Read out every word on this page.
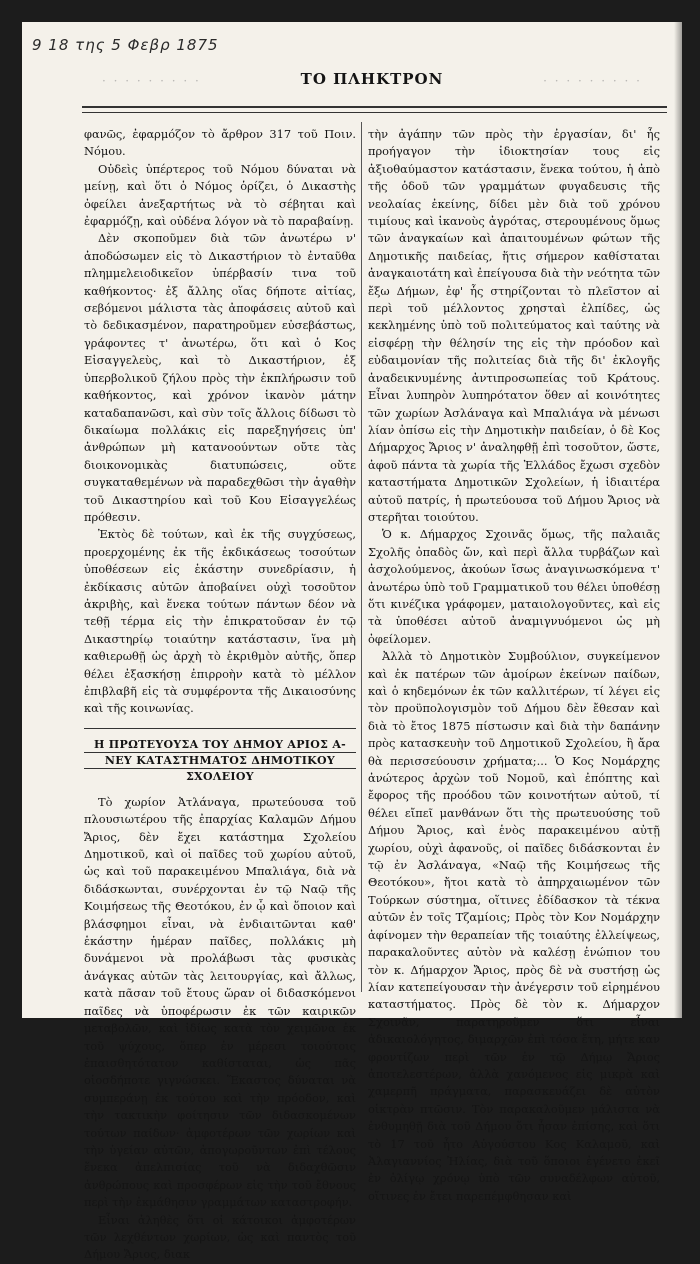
9 18 της 5 Φεβρ 1875
· · · · · · · · ·	ΤΟ ΠΛΗΚΤΡΟΝ	· · · · · · · · ·

φανῶς, ἐφαρμόζον τὸ ἄρθρον 317 τοῦ Ποιν. Νόμου.

Οὐδεὶς ὑπέρτερος τοῦ Νόμου δύναται νὰ μείνῃ, καὶ ὅτι ὁ Νόμος ὁρίζει, ὁ Δικαστὴς ὀφείλει ἀνεξαρτήτως νὰ τὸ σέβηται καὶ ἐφαρμόζῃ, καὶ οὐδένα λόγον νὰ τὸ παραβαίνῃ.

Δὲν σκοποῦμεν διὰ τῶν ἀνωτέρω ν' ἀποδώσωμεν εἰς τὸ Δικαστήριον τὸ ἐνταῦθα πλημμελειοδικεῖον ὑπέρβασίν τινα τοῦ καθήκοντος· ἐξ ἄλλης οἵας δήποτε αἰτίας, σεβόμενοι μάλιστα τὰς ἀποφάσεις αὐτοῦ καὶ τὸ δεδικασμένον, παρατηροῦμεν εὐσεβάστως, γράφοντες τ' ἀνωτέρω, ὅτι καὶ ὁ Κος Εἰσαγγελεὺς, καὶ τὸ Δικαστήριον, ἐξ ὑπερβολικοῦ ζήλου πρὸς τὴν ἐκπλήρωσιν τοῦ καθήκοντος, καὶ χρόνον ἱκανὸν μάτην καταδαπανῶσι, καὶ σὺν τοῖς ἄλλοις δίδωσι τὸ δικαίωμα πολλάκις εἰς παρεξηγήσεις ὑπ' ἀνθρώπων μὴ κατανοούντων οὔτε τὰς διοικονομικὰς διατυπώσεις, οὔτε συγκαταθεμένων νὰ παραδεχθῶσι τὴν ἀγαθὴν τοῦ Δικαστηρίου καὶ τοῦ Κου Εἰσαγγελέως πρόθεσιν.

Ἐκτὸς δὲ τούτων, καὶ ἐκ τῆς συγχύσεως, προερχομένης ἐκ τῆς ἐκδικάσεως τοσούτων ὑποθέσεων εἰς ἑκάστην συνεδρίασιν, ἡ ἐκδίκασις αὐτῶν ἀποβαίνει οὐχὶ τοσοῦτον ἀκριβὴς, καὶ ἕνεκα τούτων πάντων δέον νὰ τεθῇ τέρμα εἰς τὴν ἐπικρατοῦσαν ἐν τῷ Δικαστηρίῳ τοιαύτην κατάστασιν, ἵνα μὴ καθιερωθῇ ὡς ἀρχὴ τὸ ἐκριθμὸν αὐτῆς, ὅπερ θέλει ἐξασκήσῃ ἐπιρροὴν κατὰ τὸ μέλλον ἐπιβλαβῆ εἰς τὰ συμφέροντα τῆς Δικαιοσύνης καὶ τῆς κοινωνίας.

Η ΠΡΩΤΕΥΟΥΣΑ ΤΟΥ ΔΗΜΟΥ ΑΡΙΟΣ Α-
ΝΕΥ ΚΑΤΑΣΤΗΜΑΤΟΣ ΔΗΜΟΤΙΚΟΥ
ΣΧΟΛΕΙΟΥ

Τὸ χωρίον Ἀτλάναγα, πρωτεύουσα τοῦ πλουσιωτέρου τῆς ἐπαρχίας Καλαμῶν Δήμου Ἄριος, δὲν ἔχει κατάστημα Σχολείου Δημοτικοῦ, καὶ οἱ παῖδες τοῦ χωρίου αὐτοῦ, ὡς καὶ τοῦ παρακειμένου Μπαλιάγα, διὰ νὰ διδάσκωνται, συνέρχονται ἐν τῷ Ναῷ τῆς Κοιμήσεως τῆς Θεοτόκου, ἐν ᾧ καὶ ὅποιον καὶ βλάσφημοι εἶναι, νὰ ἐνδιαιτῶνται καθ' ἑκάστην ἡμέραν παῖδες, πολλάκις μὴ δυνάμενοι νὰ προλάβωσι τὰς φυσικὰς ἀνάγκας αὐτῶν τὰς λειτουργίας, καὶ ἄλλως, κατὰ πᾶσαν τοῦ ἔτους ὥραν οἱ διδασκόμενοι παῖδες νὰ ὑποφέρωσιν ἐκ τῶν καιρικῶν μεταβολῶν, καὶ ἰδίως κατὰ τὸν χειμῶνα ἐκ τοῦ ψύχους, ὅπερ ἐν μέρεσι τοιούτοις ἐπαισθητότατον καθίσταται, ὡς πᾶς οἰοσδήποτε γιγνώσκει. Ἕκαστος δύναται νὰ συμπεράνῃ ἐκ τούτου καὶ τὴν πρόοδον, καὶ τὴν τακτικὴν φοίτησιν τῶν διδασκομένων τούτων παίδων· ἀμφοτέρων τῶν χωρίων καὶ τὴν ὑγείαν αὐτῶν, ἀπογωροῦντων ἐπὶ τέλους ἕνεκα ἀπελπισίας τοῦ νὰ διδαχθῶσιν ἀνθρώπους καὶ προσφέρων εἰς τὴν τοῦ ἔθνους περὶ τὴν ἐκμάθησιν γραμμάτων καταστροφήν.

Εἶναι ἀληθὲς ὅτι οἱ κάτοικοι ἀμφοτέρων τῶν λεχθέντων χωρίων, ὡς καὶ παντὸς τοῦ Δήμου Ἄριος, διακ

τὴν ἀγάπην τῶν πρὸς τὴν ἐργασίαν, δι' ἧς προήγαγον τὴν ἰδιοκτησίαν τους εἰς ἀξιοθαύμαστον κατάστασιν, ἕνεκα τούτου, ἡ ἀπὸ τῆς ὁδοῦ τῶν γραμμάτων φυγαδευσις τῆς νεολαίας ἐκείνης, δίδει μὲν διὰ τοῦ χρόνου τιμίους καὶ ἱκανοὺς ἀγρότας, στερουμένους ὅμως τῶν ἀναγκαίων καὶ ἀπαιτουμένων φώτων τῆς Δημοτικῆς παιδείας, ἥτις σήμερον καθίσταται ἀναγκαιοτάτη καὶ ἐπείγουσα διὰ τὴν νεότητα τῶν ἔξω Δήμων, ἐφ' ἧς στηρίζονται τὸ πλεῖστον αἱ περὶ τοῦ μέλλοντος χρησταὶ ἐλπίδες, ὡς κεκλημένης ὑπὸ τοῦ πολιτεύματος καὶ ταύτης νὰ εἰσφέρῃ τὴν θέλησίν της εἰς τὴν πρόοδον καὶ εὐδαιμονίαν τῆς πολιτείας διὰ τῆς δι' ἐκλογῆς ἀναδεικνυμένης ἀντιπροσωπείας τοῦ Κράτους. Εἶναι λυπηρὸν λυπηρότατον ὅθεν αἱ κοινότητες τῶν χωρίων Ἀσλάναγα καὶ Μπαλιάγα νὰ μένωσι λίαν ὀπίσω εἰς τὴν Δημοτικὴν παιδείαν, ὁ δὲ Κος Δήμαρχος Ἄριος ν' ἀναληφθῇ ἐπὶ τοσοῦτον, ὥστε, ἀφοῦ πάντα τὰ χωρία τῆς Ἑλλάδος ἔχωσι σχεδὸν καταστήματα Δημοτικῶν Σχολείων, ἡ ἰδιαιτέρα αὐτοῦ πατρίς, ἡ πρωτεύουσα τοῦ Δήμου Ἄριος νὰ στερῆται τοιούτου.

Ὁ κ. Δήμαρχος Σχοινᾶς ὅμως, τῆς παλαιᾶς Σχολῆς ὀπαδὸς ὤν, καὶ περὶ ἄλλα τυρβάζων καὶ ἀσχολούμενος, ἀκούων ἴσως ἀναγινωσκόμενα τ' ἀνωτέρω ὑπὸ τοῦ Γραμματικοῦ του θέλει ὑποθέσῃ ὅτι κινέζικα γράφομεν, ματαιολογοῦντες, καὶ εἰς τὰ ὑποθέσει αὐτοῦ ἀναμιγνυόμενοι ὡς μὴ ὀφείλομεν.

Ἀλλὰ τὸ Δημοτικὸν Συμβούλιον, συγκείμενον καὶ ἐκ πατέρων τῶν ἀμοίρων ἐκείνων παίδων, καὶ ὁ κηδεμόνων ἐκ τῶν καλλιτέρων, τί λέγει εἰς τὸν προϋπολογισμὸν τοῦ Δήμου δὲν ἔθεσαν καὶ διὰ τὸ ἔτος 1875 πίστωσιν καὶ διὰ τὴν δαπάνην πρὸς κατασκευὴν τοῦ Δημοτικοῦ Σχολείου, ἢ ἄρα θὰ περισσεύουσιν χρήματα;... Ὁ Κος Νομάρχης ἀνώτερος ἀρχὼν τοῦ Νομοῦ, καὶ ἐπόπτης καὶ ἔφορος τῆς προόδου τῶν κοινοτήτων αὐτοῦ, τί θέλει εἴπεῖ μανθάνων ὅτι τὴς πρωτευούσης τοῦ Δήμου Ἄριος, καὶ ἑνὸς παρακειμένου αὐτῇ χωρίου, οὐχὶ ἀφανοῦς, οἱ παῖδες διδάσκονται ἐν τῷ ἐν Ἀσλάναγα, «Ναῷ τῆς Κοιμήσεως τῆς Θεοτόκου», ἤτοι κατὰ τὸ ἀπηρχαιωμένον τῶν Τούρκων σύστημα, οἵτινες ἐδίδασκον τὰ τέκνα αὐτῶν ἐν τοῖς Τζαμίοις; Πρὸς τὸν Κον Νομάρχην ἀφίνομεν τὴν θεραπείαν τῆς τοιαύτης ἐλλείψεως, παρακαλοῦντες αὐτὸν νὰ καλέσῃ ἐνώπιον του τὸν κ. Δήμαρχον Ἄριος, πρὸς δὲ νὰ συστήσῃ ὡς λίαν κατεπείγουσαν τὴν ἀνέγερσιν τοῦ εἰρημένου καταστήματος. Πρὸς δὲ τὸν κ. Δήμαρχον Σχοινᾶν, παρατηροῦμεν ὅτι εἶναι ἀδικαιολόγητος, διμαρχῶν ἐπὶ τόσα ἔτη, μήτε καν φροντίζων περὶ τῶν ἐν τῷ Δήμῳ Ἄριος ἀποτελεστέρων, ἀλλὰ χανόμενος εἰς μικρὰ καὶ χαμερπῆ πράγματα, παρασκευάζει δὲ αὐτὸν οἰκτρὰν πτῶσιν. Τὸν παρακαλοῦμεν μάλιστα νὰ ἐνθυμηθῇ διὰ τοῦ Δήμου ὅτι ἦσαν ἐπίσης, καὶ ὅτι τὸ 17 τοῦ ἦτο Αὐγούστου Κος Καλαμοῦ, καὶ Ἀλαγιαννίος Ἠλίας, διὰ τοῦ ὅποιοι ἐγένετο ἐκεῖ ἐν ὀλίγῳ χρόνῳ ὑπὸ τῶν συναδέλφων αὐτοῦ, οἵτινες ἐν ἔτει παρεπέμφθησαν καὶ
